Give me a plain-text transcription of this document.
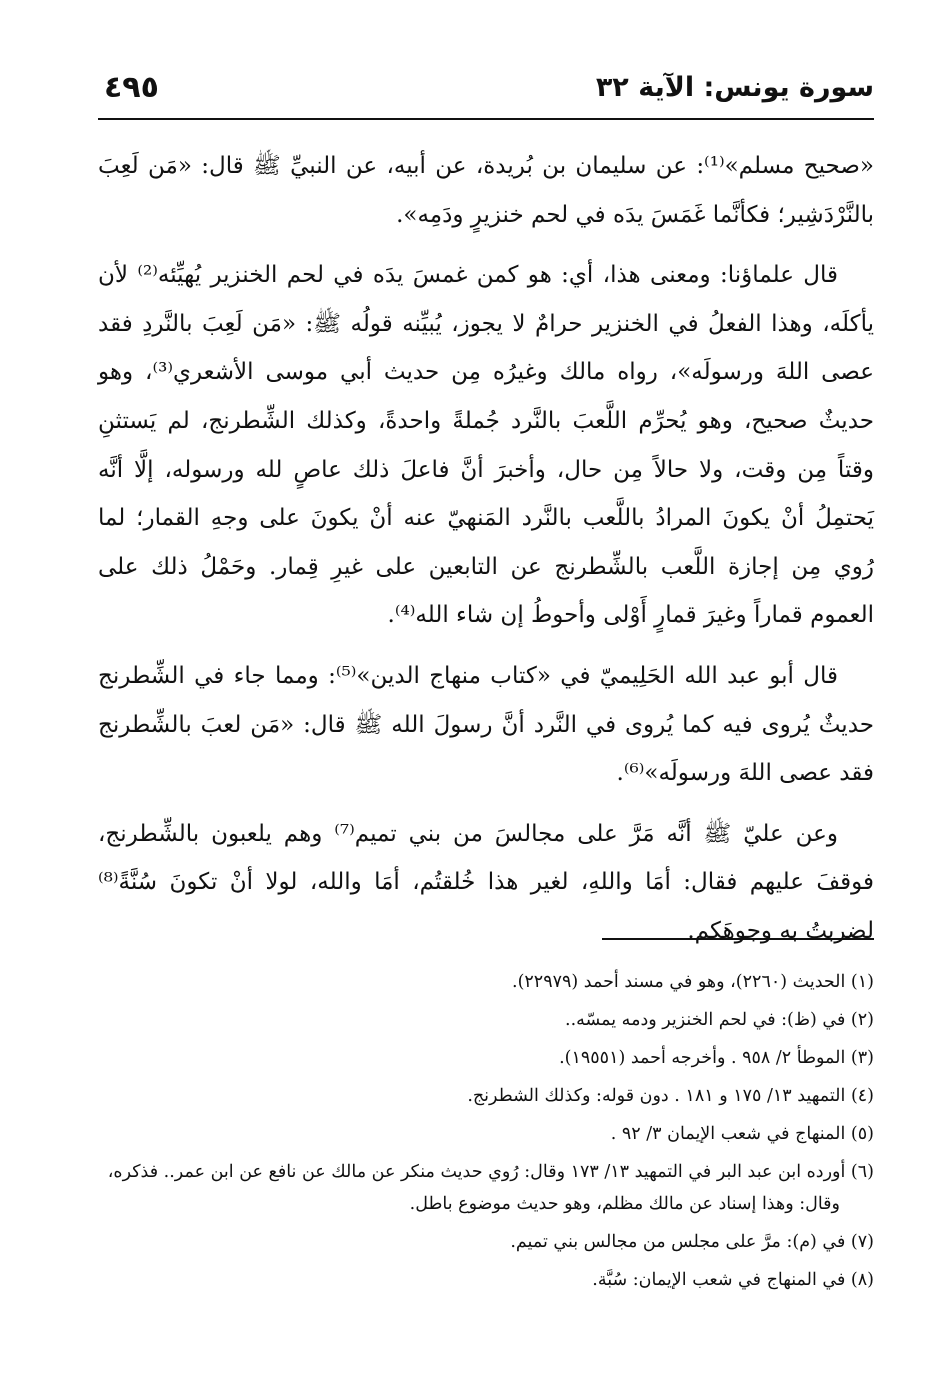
سورة يونس: الآية ٣٢
٤٩٥

«صحيح مسلم»⁽¹⁾: عن سليمان بن بُريدة، عن أبيه، عن النبيِّ ﷺ قال: «مَن لَعِبَ بالنَّرْدَشِير؛ فكأنَّما غَمَسَ يدَه في لحم خنزيرٍ ودَمِه».

قال علماؤنا: ومعنى هذا، أي: هو كمن غمسَ يدَه في لحم الخنزير يُهيِّئه⁽²⁾ لأن يأكلَه، وهذا الفعلُ في الخنزير حرامٌ لا يجوز، يُبيِّنه قولُه ﷺ: «مَن لَعِبَ بالنَّردِ فقد عصى اللهَ ورسولَه»، رواه مالك وغيرُه مِن حديث أبي موسى الأشعري⁽³⁾، وهو حديثٌ صحيح، وهو يُحرِّم اللَّعبَ بالنَّرد جُملةً واحدةً، وكذلك الشِّطرنج، لم يَستثنِ وقتاً مِن وقت، ولا حالاً مِن حال، وأخبرَ أنَّ فاعلَ ذلك عاصٍ لله ورسوله، إلَّا أنَّه يَحتمِلُ أنْ يكونَ المرادُ باللَّعب بالنَّرد المَنهيّ عنه أنْ يكونَ على وجهِ القمار؛ لما رُوي مِن إجازة اللَّعب بالشِّطرنج عن التابعين على غيرِ قِمار. وحَمْلُ ذلك على العموم قماراً وغيرَ قمارٍ أَوْلى وأحوطُ إن شاء الله⁽⁴⁾.

قال أبو عبد الله الحَلِيميّ في «كتاب منهاج الدين»⁽⁵⁾: ومما جاء في الشِّطرنج حديثٌ يُروى فيه كما يُروى في النَّرد أنَّ رسولَ الله ﷺ قال: «مَن لعبَ بالشِّطرنج فقد عصى اللهَ ورسولَه»⁽⁶⁾.

وعن عليّ ﷺ أنَّه مَرَّ على مجالسَ من بني تميم⁽⁷⁾ وهم يلعبون بالشِّطرنج، فوقفَ عليهم فقال: أمَا واللهِ، لغير هذا خُلقتُم، أمَا والله، لولا أنْ تكونَ سُنَّةً⁽⁸⁾ لضربتُ به وجوهَكم.

(١) الحديث (٢٢٦٠)، وهو في مسند أحمد (٢٢٩٧٩).

(٢) في (ظ): في لحم الخنزير ودمه يمسّه..

(٣) الموطأ ٢/ ٩٥٨ . وأخرجه أحمد (١٩٥٥١).

(٤) التمهيد ١٣/ ١٧٥ و ١٨١ . دون قوله: وكذلك الشطرنج.

(٥) المنهاج في شعب الإيمان ٣/ ٩٢ .

(٦) أورده ابن عبد البر في التمهيد ١٣/ ١٧٣ وقال: رُوي حديث منكر عن مالك عن نافع عن ابن عمر.. فذكره، وقال: وهذا إسناد عن مالك مظلم، وهو حديث موضوع باطل.

(٧) في (م): مرَّ على مجلس من مجالس بني تميم.

(٨) في المنهاج في شعب الإيمان: سُبَّة.
